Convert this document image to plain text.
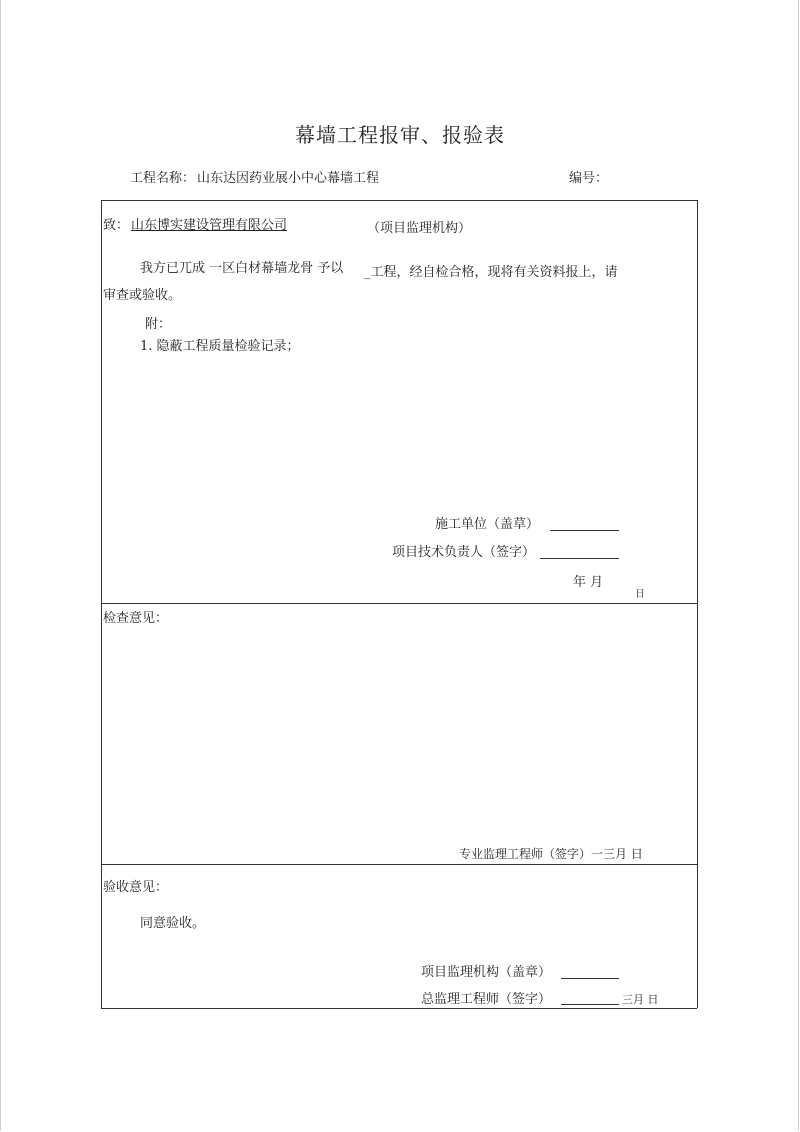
幕墙工程报审、报验表
工程名称： 山东达因药业展小中心幕墙工程	编号：
致： 山东博实建设管理有限公司	（项目监理机构）
我方已兀成 一区白材幕墙龙骨 予以 _工程，经自检合格，现将有关资料报上，请
审查或验收。
附：
1. 隐蔽工程质量检验记录；
施工单位（盖草）
项目技术负责人（签字）
年 月
日
检查意见：
专业监理工程师（签字）一三月 日
验收意见：
同意验收。
项目监理机构（盖章）
总监理工程师（签字）	三月 日
